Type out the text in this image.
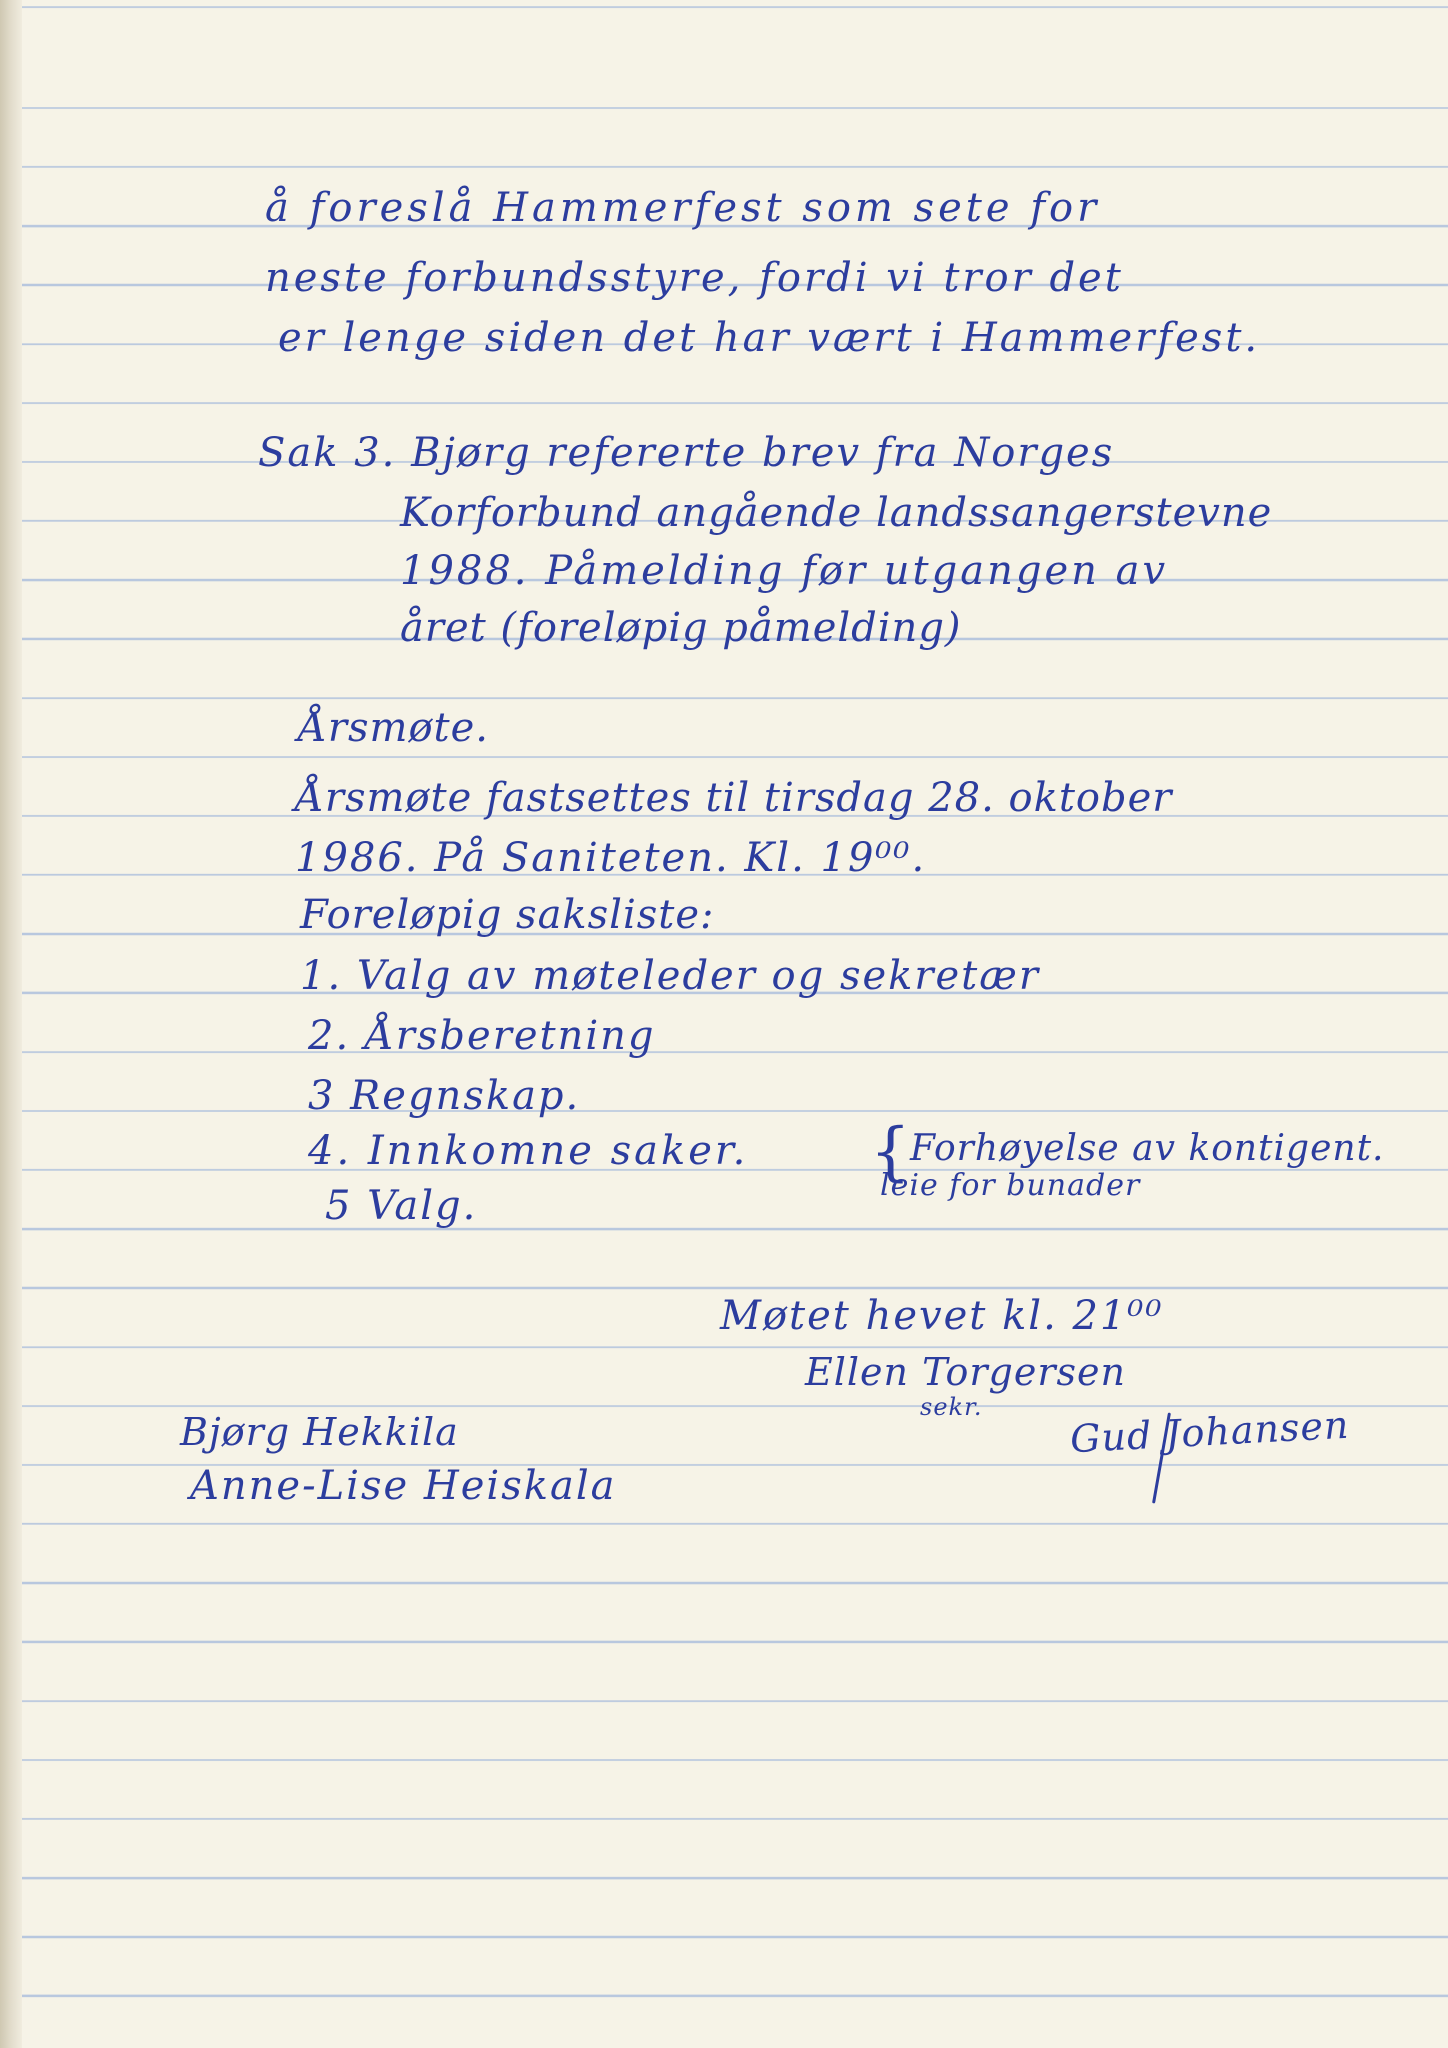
å foreslå Hammerfest som sete for
neste forbundsstyre, fordi vi tror det
er lenge siden det har vært i Hammerfest.
Sak 3. Bjørg refererte brev fra Norges
Korforbund angående landssangerstevne
1988. Påmelding før utgangen av
året (foreløpig påmelding)
Årsmøte.
Årsmøte fastsettes til tirsdag 28. oktober
1986. På Saniteten. Kl. 19⁰⁰.
Foreløpig saksliste:
1. Valg av møteleder og sekretær
2. Årsberetning
3 Regnskap.
4. Innkomne saker.
5 Valg.
{ Forhøyelse av kontigent.
leie for bunader
Møtet hevet kl. 21⁰⁰
Ellen Torgersen
sekr. Gud Johansen
Bjørg Hekkila
Anne-Lise Heiskala
